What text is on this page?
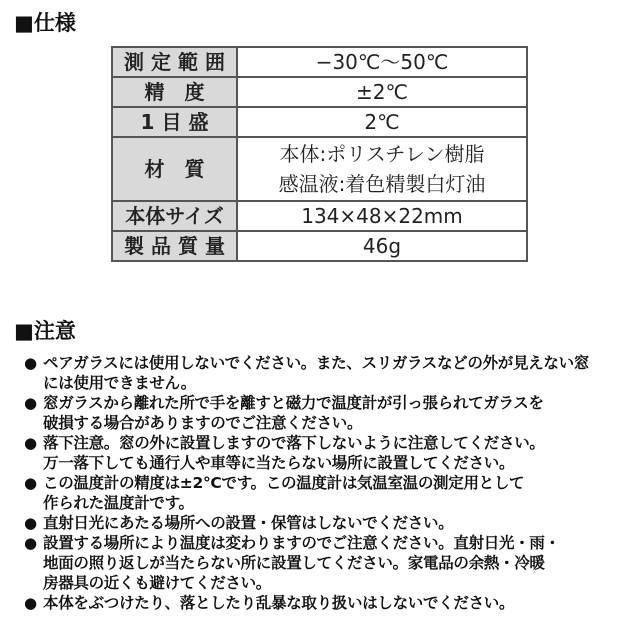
■仕様
測定範囲	−30℃〜50℃
精　度	±2℃
1目盛	2℃
材　質	本体:ポリスチレン樹脂
感温液:着色精製白灯油

本体サイズ	134×48×22mm
製品質量	46g
■注意
● ペアガラスには使用しないでください。また、スリガラスなどの外が見えない窓
には使用できません。
● 窓ガラスから離れた所で手を離すと磁力で温度計が引っ張られてガラスを
破損する場合がありますのでご注意ください。
● 落下注意。窓の外に設置しますので落下しないように注意してください。
万一落下しても通行人や車等に当たらない場所に設置してください。
● この温度計の精度は±2°Cです。この温度計は気温室温の測定用として
作られた温度計です。
● 直射日光にあたる場所への設置・保管はしないでください。
● 設置する場所により温度は変わりますのでご注意ください。直射日光・雨・
地面の照り返しが当たらない所に設置してください。家電品の余熱・冷暖
房器具の近くも避けてください。
● 本体をぶつけたり、落としたり乱暴な取り扱いはしないでください。
